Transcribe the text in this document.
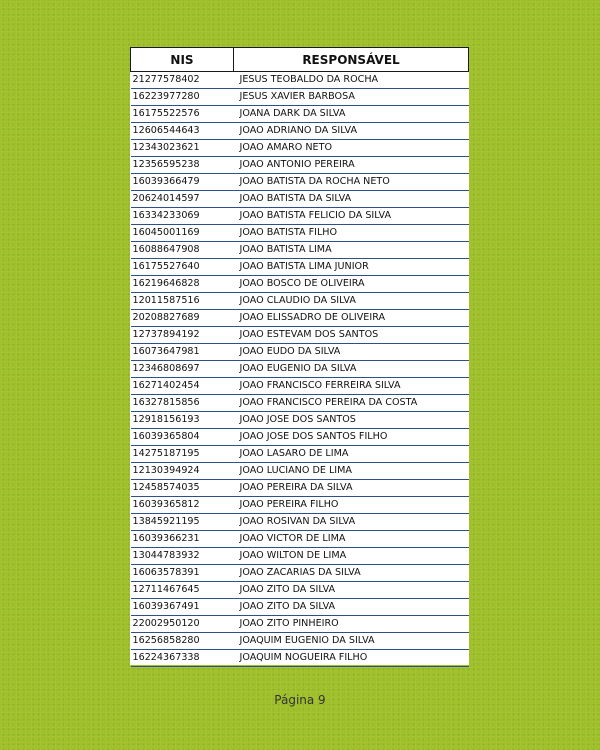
NIS	RESPONSÁVEL
21277578402	JESUS TEOBALDO DA ROCHA
16223977280	JESUS XAVIER BARBOSA
16175522576	JOANA DARK DA SILVA
12606544643	JOAO ADRIANO DA SILVA
12343023621	JOAO AMARO NETO
12356595238	JOAO ANTONIO PEREIRA
16039366479	JOAO BATISTA DA ROCHA NETO
20624014597	JOAO BATISTA DA SILVA
16334233069	JOAO BATISTA FELICIO DA SILVA
16045001169	JOAO BATISTA FILHO
16088647908	JOAO BATISTA LIMA
16175527640	JOAO BATISTA LIMA JUNIOR
16219646828	JOAO BOSCO DE OLIVEIRA
12011587516	JOAO CLAUDIO DA SILVA
20208827689	JOAO ELISSADRO DE OLIVEIRA
12737894192	JOAO ESTEVAM DOS SANTOS
16073647981	JOAO EUDO DA SILVA
12346808697	JOAO EUGENIO DA SILVA
16271402454	JOAO FRANCISCO FERREIRA SILVA
16327815856	JOAO FRANCISCO PEREIRA DA COSTA
12918156193	JOAO JOSE DOS SANTOS
16039365804	JOAO JOSE DOS SANTOS FILHO
14275187195	JOAO LASARO DE LIMA
12130394924	JOAO LUCIANO DE LIMA
12458574035	JOAO PEREIRA DA SILVA
16039365812	JOAO PEREIRA FILHO
13845921195	JOAO ROSIVAN DA SILVA
16039366231	JOAO VICTOR DE LIMA
13044783932	JOAO WILTON DE LIMA
16063578391	JOAO ZACARIAS DA SILVA
12711467645	JOAO ZITO DA SILVA
16039367491	JOAO ZITO DA SILVA
22002950120	JOAO ZITO PINHEIRO
16256858280	JOAQUIM EUGENIO DA SILVA
16224367338	JOAQUIM NOGUEIRA FILHO
Página 9
